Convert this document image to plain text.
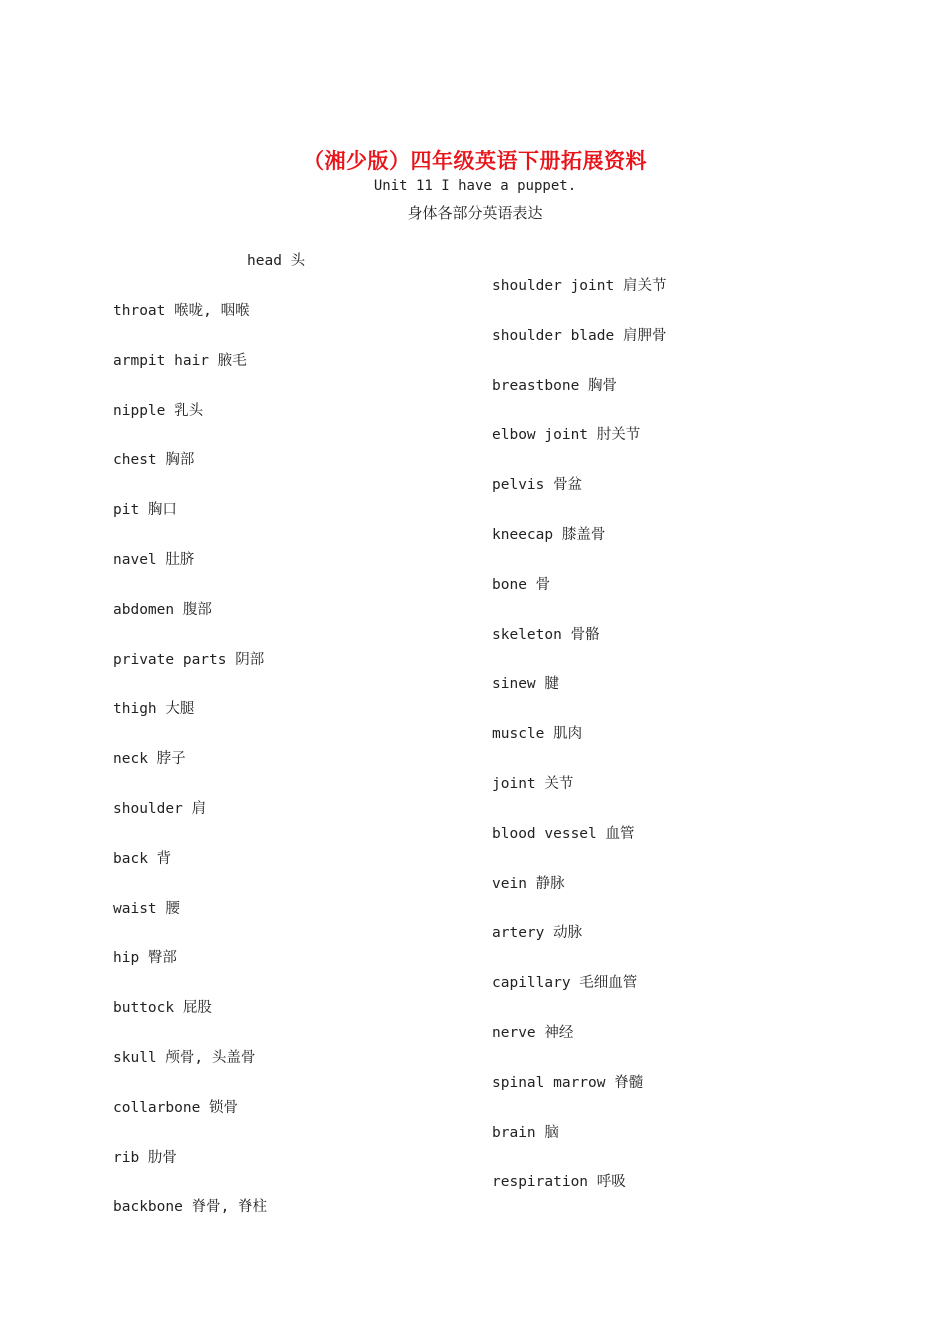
（湘少版）四年级英语下册拓展资料
Unit 11 I have a puppet.
身体各部分英语表达
head 头
throat 喉咙, 咽喉
armpit hair 腋毛
nipple 乳头
chest 胸部
pit 胸口
navel 肚脐
abdomen 腹部
private parts 阴部
thigh 大腿
neck 脖子
shoulder 肩
back 背
waist 腰
hip 臀部
buttock 屁股
skull 颅骨, 头盖骨
collarbone 锁骨
rib 肋骨
backbone 脊骨, 脊柱
shoulder joint 肩关节
shoulder blade 肩胛骨
breastbone 胸骨
elbow joint 肘关节
pelvis 骨盆
kneecap 膝盖骨
bone 骨
skeleton 骨骼
sinew 腱
muscle 肌肉
joint 关节
blood vessel 血管
vein 静脉
artery 动脉
capillary 毛细血管
nerve 神经
spinal marrow 脊髓
brain 脑
respiration 呼吸
